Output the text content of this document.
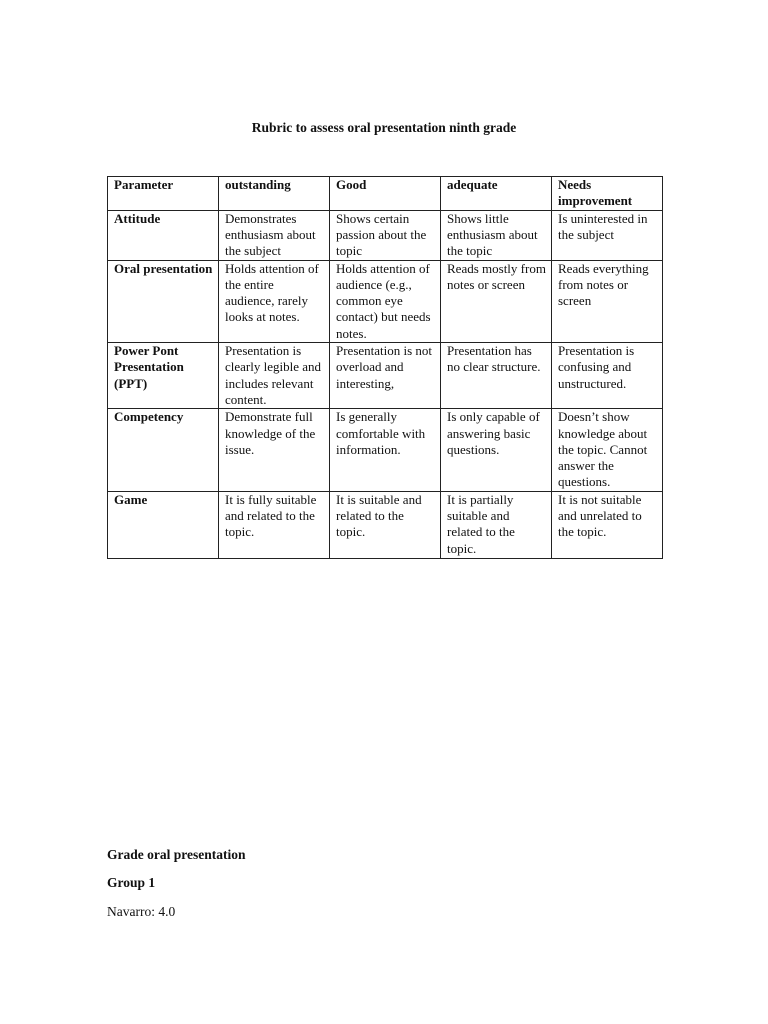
Rubric to assess oral presentation ninth grade
Parameter	outstanding	Good	adequate	Needs improvement
Attitude	Demonstrates enthusiasm about the subject	Shows certain passion about the topic	Shows little enthusiasm about the topic	Is uninterested in the subject
Oral presentation	Holds attention of the entire audience, rarely looks at notes.	Holds attention of audience (e.g., common eye contact) but needs notes.	Reads mostly from notes or screen	Reads everything from notes or screen
Power Pont Presentation (PPT)	Presentation is clearly legible and includes relevant content.	Presentation is not overload and interesting,	Presentation has no clear structure.	Presentation is confusing and unstructured.
Competency	Demonstrate full knowledge of the issue.	Is generally comfortable with information.	Is only capable of answering basic questions.	Doesn’t show knowledge about the topic. Cannot answer the questions.
Game	It is fully suitable and related to the topic.	It is suitable and related to the topic.	It is partially suitable and related to the topic.	It is not suitable and unrelated to the topic.
Grade oral presentation
Group 1
Navarro: 4.0
